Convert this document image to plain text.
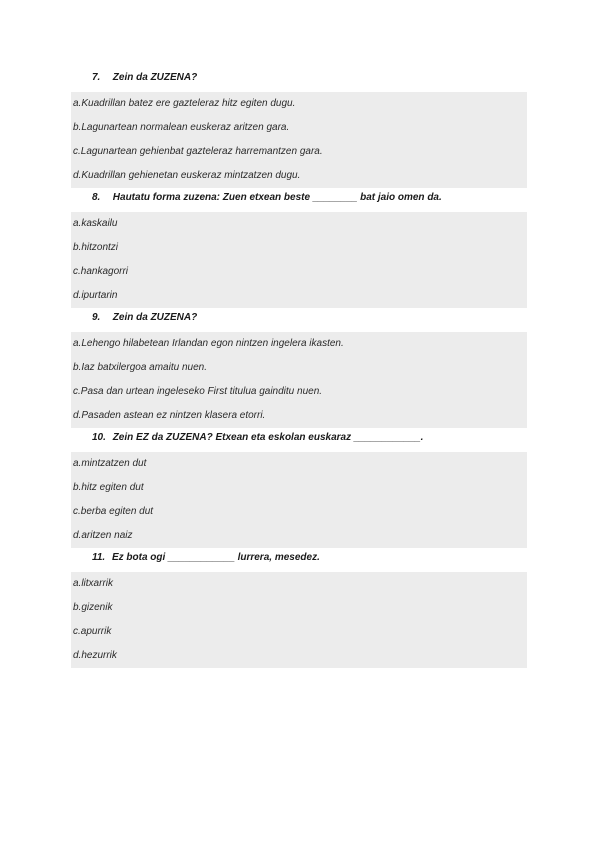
7. Zein da ZUZENA?
a.Kuadrillan batez ere gazteleraz hitz egiten dugu.
b.Lagunartean normalean euskeraz aritzen gara.
c.Lagunartean gehienbat gazteleraz harremantzen gara.
d.Kuadrillan gehienetan euskeraz mintzatzen dugu.
8. Hautatu forma zuzena: Zuen etxean beste ________ bat jaio omen da.
a.kaskailu
b.hitzontzi
c.hankagorri
d.ipurtarin
9. Zein da ZUZENA?
a.Lehengo hilabetean Irlandan egon nintzen ingelera ikasten.
b.Iaz batxilergoa amaitu nuen.
c.Pasa dan urtean ingeleseko First titulua gainditu nuen.
d.Pasaden astean ez nintzen klasera etorri.
10. Zein EZ da ZUZENA? Etxean eta eskolan euskaraz ____________.
a.mintzatzen dut
b.hitz egiten dut
c.berba egiten dut
d.aritzen naiz
11. Ez bota ogi ____________ lurrera, mesedez.
a.litxarrik
b.gizenik
c.apurrik
d.hezurrik
